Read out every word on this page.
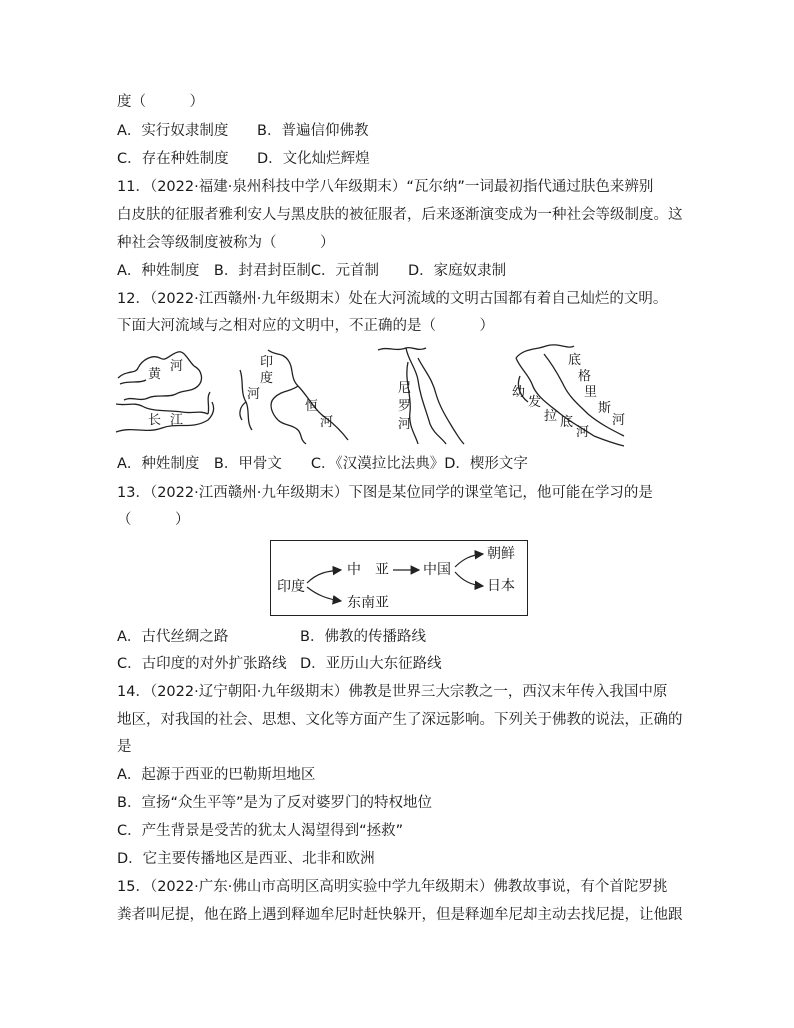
度（　　　）
A．实行奴隶制度 B．普遍信仰佛教
C．存在种姓制度 D．文化灿烂辉煌
11．（2022·福建·泉州科技中学八年级期末）“瓦尔纳”一词最初指代通过肤色来辨别
白皮肤的征服者雅利安人与黑皮肤的被征服者，后来逐渐演变成为一种社会等级制度。这
种社会等级制度被称为（　　　）
A．种姓制度　B．封君封臣制C．元首制　　D．家庭奴隶制
12．（2022·江西赣州·九年级期末）处在大河流域的文明古国都有着自己灿烂的文明。
下面大河流域与之相对应的文明中，不正确的是（　　　）
黄
河
长 江
印
度
河
恒
河
尼
罗
河
底
格
里
斯
河
幼
发
拉 底
河
A．种姓制度　B．甲骨文　　C．《汉漠拉比法典》D．楔形文字
13．（2022·江西赣州·九年级期末）下图是某位同学的课堂笔记，他可能在学习的是
（　　　）
印度
中　亚
东南亚
中国
朝鲜
日本
A．古代丝绸之路	B．佛教的传播路线
C．古印度的对外扩张路线 D．亚历山大东征路线
14．（2022·辽宁朝阳·九年级期末）佛教是世界三大宗教之一，西汉末年传入我国中原
地区，对我国的社会、思想、文化等方面产生了深远影响。下列关于佛教的说法，正确的
是
A．起源于西亚的巴勒斯坦地区
B．宣扬“众生平等”是为了反对婆罗门的特权地位
C．产生背景是受苦的犹太人渴望得到“拯救”
D．它主要传播地区是西亚、北非和欧洲
15．（2022·广东·佛山市高明区高明实验中学九年级期末）佛教故事说，有个首陀罗挑
粪者叫尼提，他在路上遇到释迦牟尼时赶快躲开，但是释迦牟尼却主动去找尼提，让他跟
